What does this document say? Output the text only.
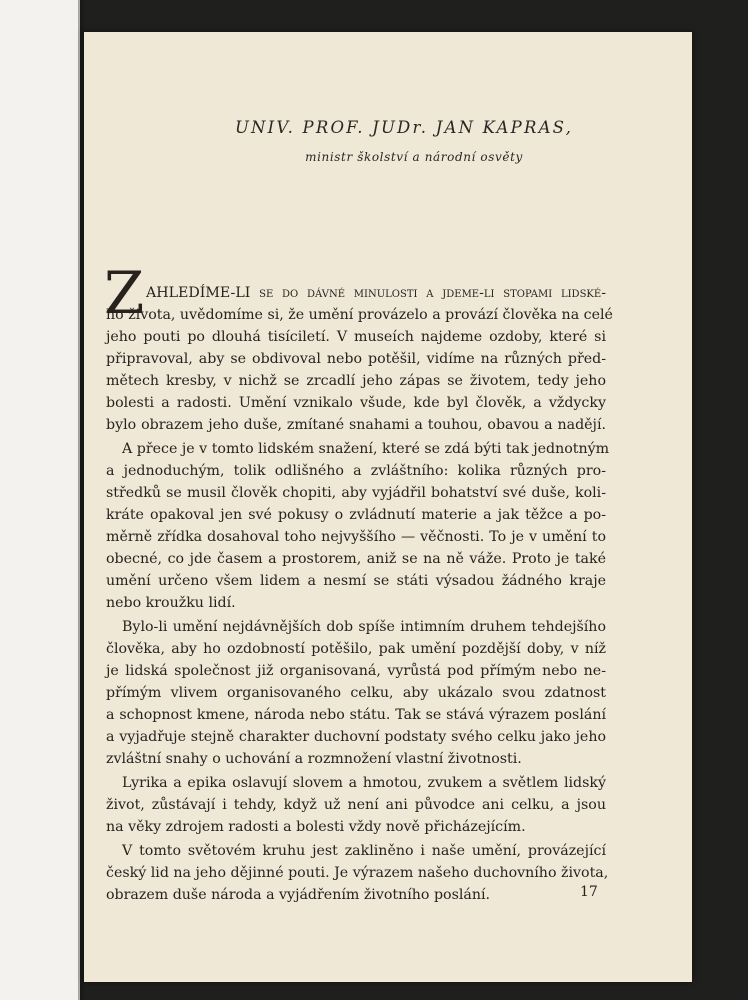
UNIV. PROF. JUDr. JAN KAPRAS,
ministr školství a národní osvěty
Z AHLEDÍME-LI se do dávné minulosti a jdeme-li stopami lidské-
ho života, uvědomíme si, že umění provázelo a provází člověka na celé
jeho pouti po dlouhá tisíciletí. V museích najdeme ozdoby, které si
připravoval, aby se obdivoval nebo potěšil, vidíme na různých před-
mětech kresby, v nichž se zrcadlí jeho zápas se životem, tedy jeho
bolesti a radosti. Umění vznikalo všude, kde byl člověk, a vždycky
bylo obrazem jeho duše, zmítané snahami a touhou, obavou a nadějí.
A přece je v tomto lidském snažení, které se zdá býti tak jednotným
a jednoduchým, tolik odlišného a zvláštního: kolika různých pro-
středků se musil člověk chopiti, aby vyjádřil bohatství své duše, koli-
kráte opakoval jen své pokusy o zvládnutí materie a jak těžce a po-
měrně zřídka dosahoval toho nejvyššího — věčnosti. To je v umění to
obecné, co jde časem a prostorem, aniž se na ně váže. Proto je také
umění určeno všem lidem a nesmí se státi výsadou žádného kraje
nebo kroužku lidí.
Bylo-li umění nejdávnějších dob spíše intimním druhem tehdejšího
člověka, aby ho ozdobností potěšilo, pak umění pozdější doby, v níž
je lidská společnost již organisovaná, vyrůstá pod přímým nebo ne-
přímým vlivem organisovaného celku, aby ukázalo svou zdatnost
a schopnost kmene, národa nebo státu. Tak se stává výrazem poslání
a vyjadřuje stejně charakter duchovní podstaty svého celku jako jeho
zvláštní snahy o uchování a rozmnožení vlastní životnosti.
Lyrika a epika oslavují slovem a hmotou, zvukem a světlem lidský
život, zůstávají i tehdy, když už není ani původce ani celku, a jsou
na věky zdrojem radosti a bolesti vždy nově přicházejícím.
V tomto světovém kruhu jest zakliněno i naše umění, provázející
český lid na jeho dějinné pouti. Je výrazem našeho duchovního života,
obrazem duše národa a vyjádřením životního poslání.	17
